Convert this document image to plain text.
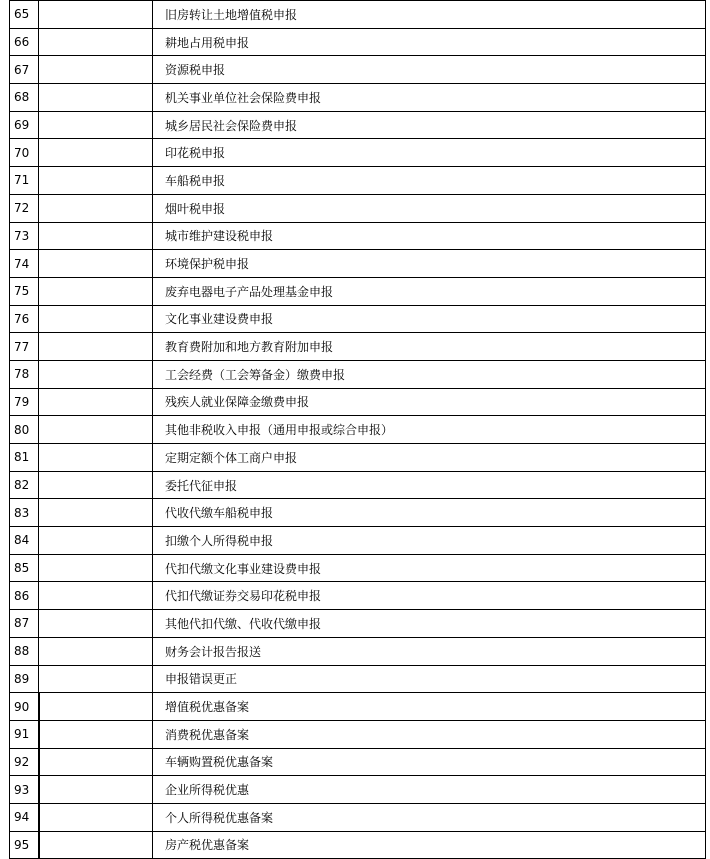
65		旧房转让土地增值税申报
66		耕地占用税申报
67		资源税申报
68		机关事业单位社会保险费申报
69		城乡居民社会保险费申报
70		印花税申报
71		车船税申报
72		烟叶税申报
73		城市维护建设税申报
74		环境保护税申报
75		废弃电器电子产品处理基金申报
76		文化事业建设费申报
77		教育费附加和地方教育附加申报
78		工会经费（工会筹备金）缴费申报
79		残疾人就业保障金缴费申报
80		其他非税收入申报（通用申报或综合申报）
81		定期定额个体工商户申报
82		委托代征申报
83		代收代缴车船税申报
84		扣缴个人所得税申报
85		代扣代缴文化事业建设费申报
86		代扣代缴证券交易印花税申报
87		其他代扣代缴、代收代缴申报
88		财务会计报告报送
89		申报错误更正
90		增值税优惠备案
91		消费税优惠备案
92		车辆购置税优惠备案
93		企业所得税优惠
94		个人所得税优惠备案
95		房产税优惠备案
